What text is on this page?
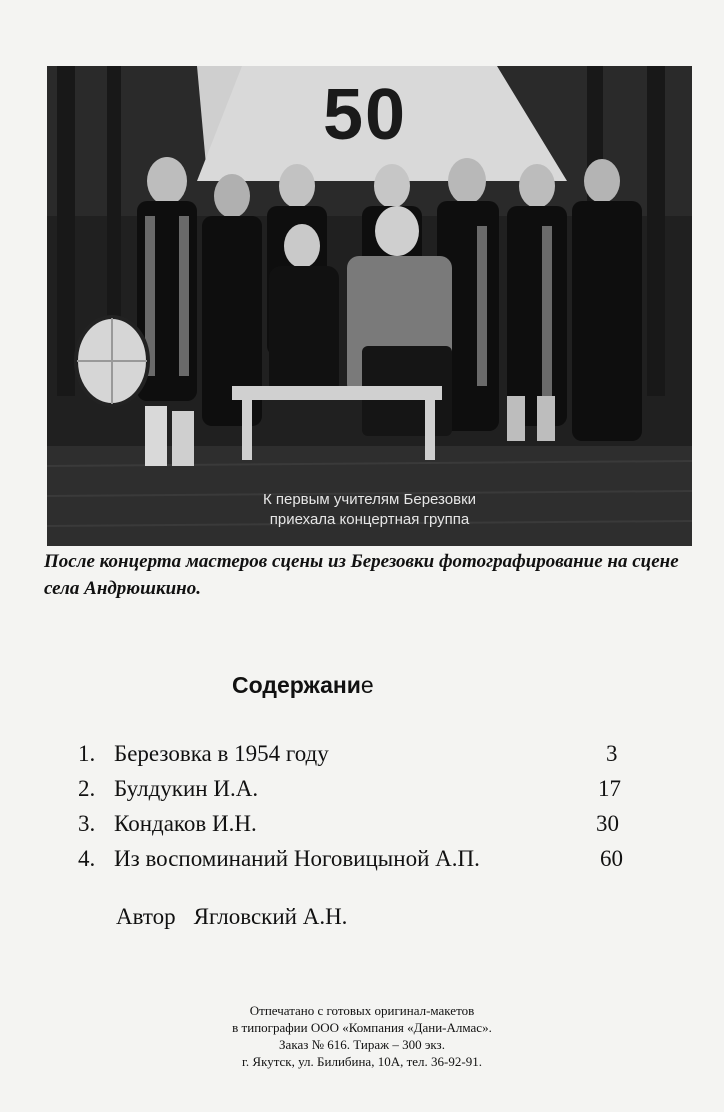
50
К первым учителям Березовки
приехала концертная группа
После концерта мастеров сцены из Березовки фотографирование на сцене села Андрюшкино.
Содержание
1. Березовка в 1954 году	3
2. Булдукин И.А.	17
3. Кондаков И.Н.	30
4. Из воспоминаний Ноговицыной А.П.	60
Автор Ягловский А.Н.
Отпечатано с готовых оригинал-макетов
в типографии ООО «Компания «Дани-Алмас».
Заказ № 616. Тираж – 300 экз.
г. Якутск, ул. Билибина, 10А, тел. 36-92-91.
